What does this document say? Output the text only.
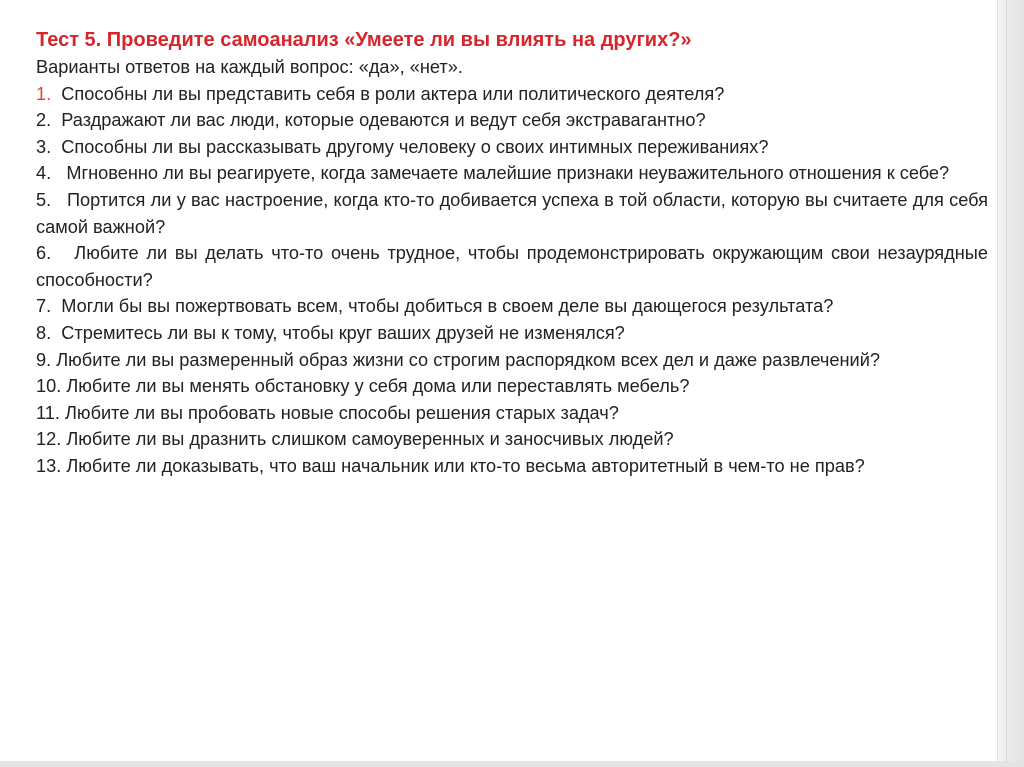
Тест 5. Проведите самоанализ «Умеете ли вы влиять на других?»
Варианты ответов на каждый вопрос: «да», «нет».
1.  Способны ли вы представить себя в роли актера или политического деятеля?
2.  Раздражают ли вас люди, которые одеваются и ведут себя экстравагантно?
3.  Способны ли вы рассказывать другому человеку о своих интимных переживаниях?
4.   Мгновенно ли вы реагируете, когда замечаете малейшие признаки неуважительного отношения к себе?
5.   Портится ли у вас настроение, когда кто-то добивается успеха в той области, которую вы считаете для себя самой важной?
6.   Любите ли вы делать что-то очень трудное, чтобы продемонстрировать окружающим свои незаурядные способности?
7.  Могли бы вы пожертвовать всем, чтобы добиться в своем деле вы дающегося результата?
8.  Стремитесь ли вы к тому, чтобы круг ваших друзей не изменялся?
9. Любите ли вы размеренный образ жизни со строгим распорядком всех дел и даже развлечений?
10. Любите ли вы менять обстановку у себя дома или переставлять мебель?
11. Любите ли вы пробовать новые способы решения старых задач?
12. Любите ли вы дразнить слишком самоуверенных и заносчивых людей?
13. Любите ли доказывать, что ваш начальник или кто-то весьма авторитетный в чем-то не прав?
